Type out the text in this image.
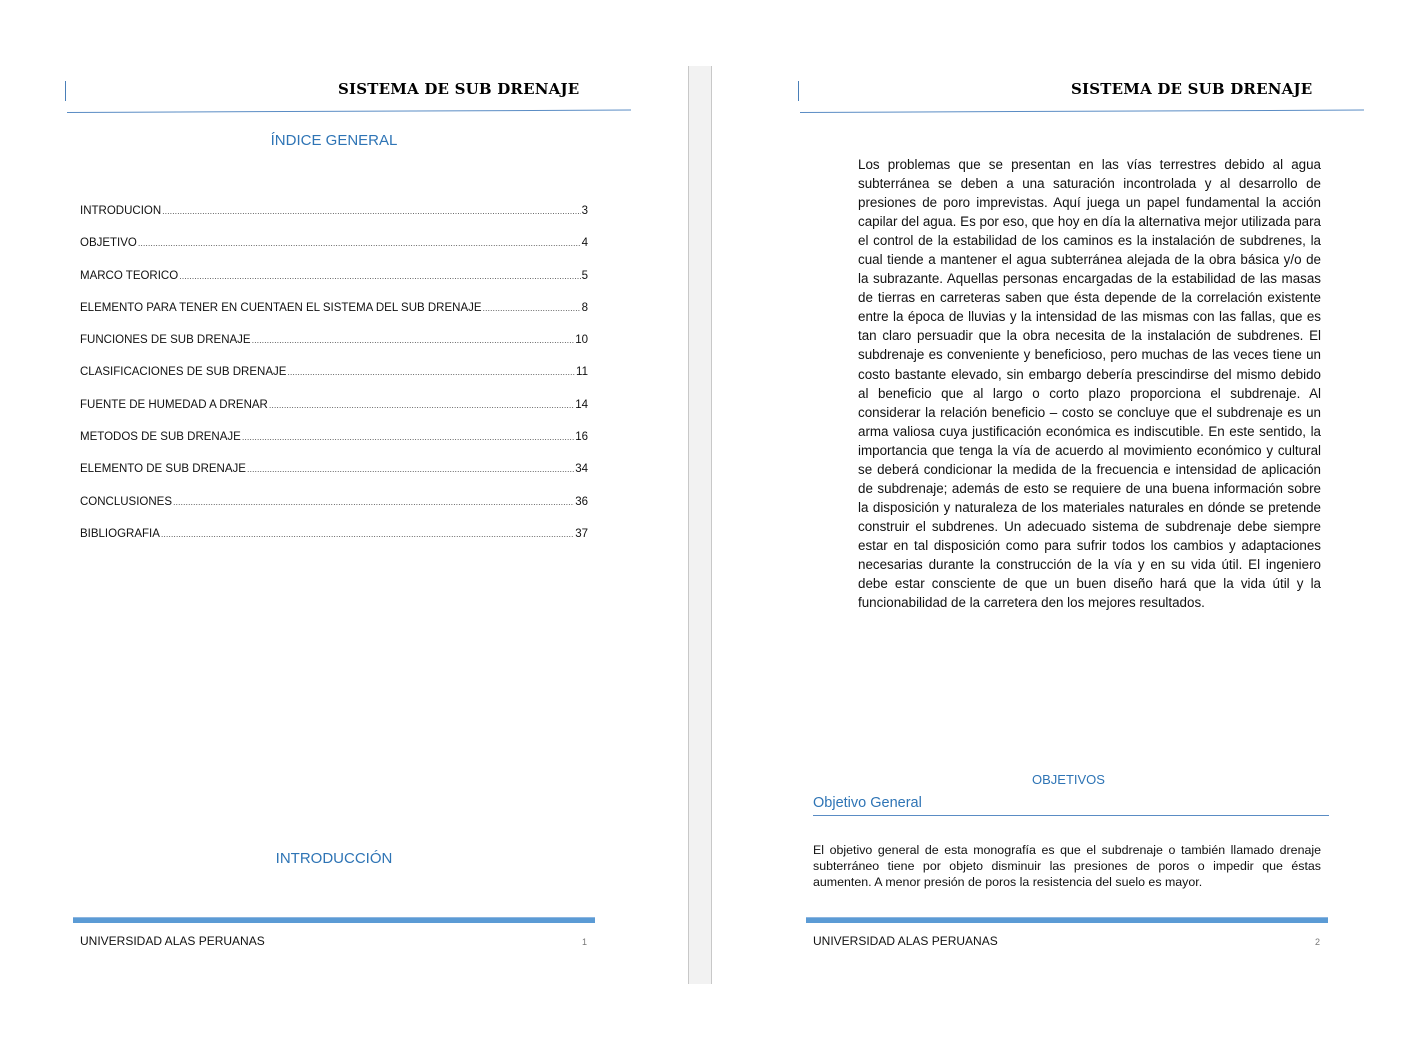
SISTEMA DE SUB DRENAJE
ÍNDICE GENERAL
INTRODUCION .....	3
OBJETIVO .....	4
MARCO TEORICO .....	5
ELEMENTO PARA TENER EN CUENTAEN EL SISTEMA DEL SUB DRENAJE .....	8
FUNCIONES DE SUB DRENAJE .....	10
CLASIFICACIONES DE SUB DRENAJE .....	11
FUENTE DE HUMEDAD A DRENAR .....	14
METODOS DE SUB DRENAJE .....	16
ELEMENTO DE SUB DRENAJE .....	34
CONCLUSIONES .....	36
BIBLIOGRAFIA .....	37
INTRODUCCIÓN
UNIVERSIDAD ALAS PERUANAS	1
SISTEMA DE SUB DRENAJE

Los problemas que se presentan en las vías terrestres debido al agua subterránea se deben a una saturación incontrolada y al desarrollo de presiones de poro imprevistas. Aquí juega un papel fundamental la acción capilar del agua. Es por eso, que hoy en día la alternativa mejor utilizada para el control de la estabilidad de los caminos es la instalación de subdrenes, la cual tiende a mantener el agua subterránea alejada de la obra básica y/o de la subrazante. Aquellas personas encargadas de la estabilidad de las masas de tierras en carreteras saben que ésta depende de la correlación existente entre la época de lluvias y la intensidad de las mismas con las fallas, que es tan claro persuadir que la obra necesita de la instalación de subdrenes. El subdrenaje es conveniente y beneficioso, pero muchas de las veces tiene un costo bastante elevado, sin embargo debería prescindirse del mismo debido al beneficio que al largo o corto plazo proporciona el subdrenaje. Al considerar la relación beneficio – costo se concluye que el subdrenaje es un arma valiosa cuya justificación económica es indiscutible. En este sentido, la importancia que tenga la vía de acuerdo al movimiento económico y cultural se deberá condicionar la medida de la frecuencia e intensidad de aplicación de subdrenaje; además de esto se requiere de una buena información sobre la disposición y naturaleza de los materiales naturales en dónde se pretende construir el subdrenes. Un adecuado sistema de subdrenaje debe siempre estar en tal disposición como para sufrir todos los cambios y adaptaciones necesarias durante la construcción de la vía y en su vida útil. El ingeniero debe estar consciente de que un buen diseño hará que la vida útil y la funcionabilidad de la carretera den los mejores resultados.

OBJETIVOS
Objetivo General

El objetivo general de esta monografía es que el subdrenaje o también llamado drenaje subterráneo tiene por objeto disminuir las presiones de poros o impedir que éstas aumenten. A menor presión de poros la resistencia del suelo es mayor.

UNIVERSIDAD ALAS PERUANAS	2
